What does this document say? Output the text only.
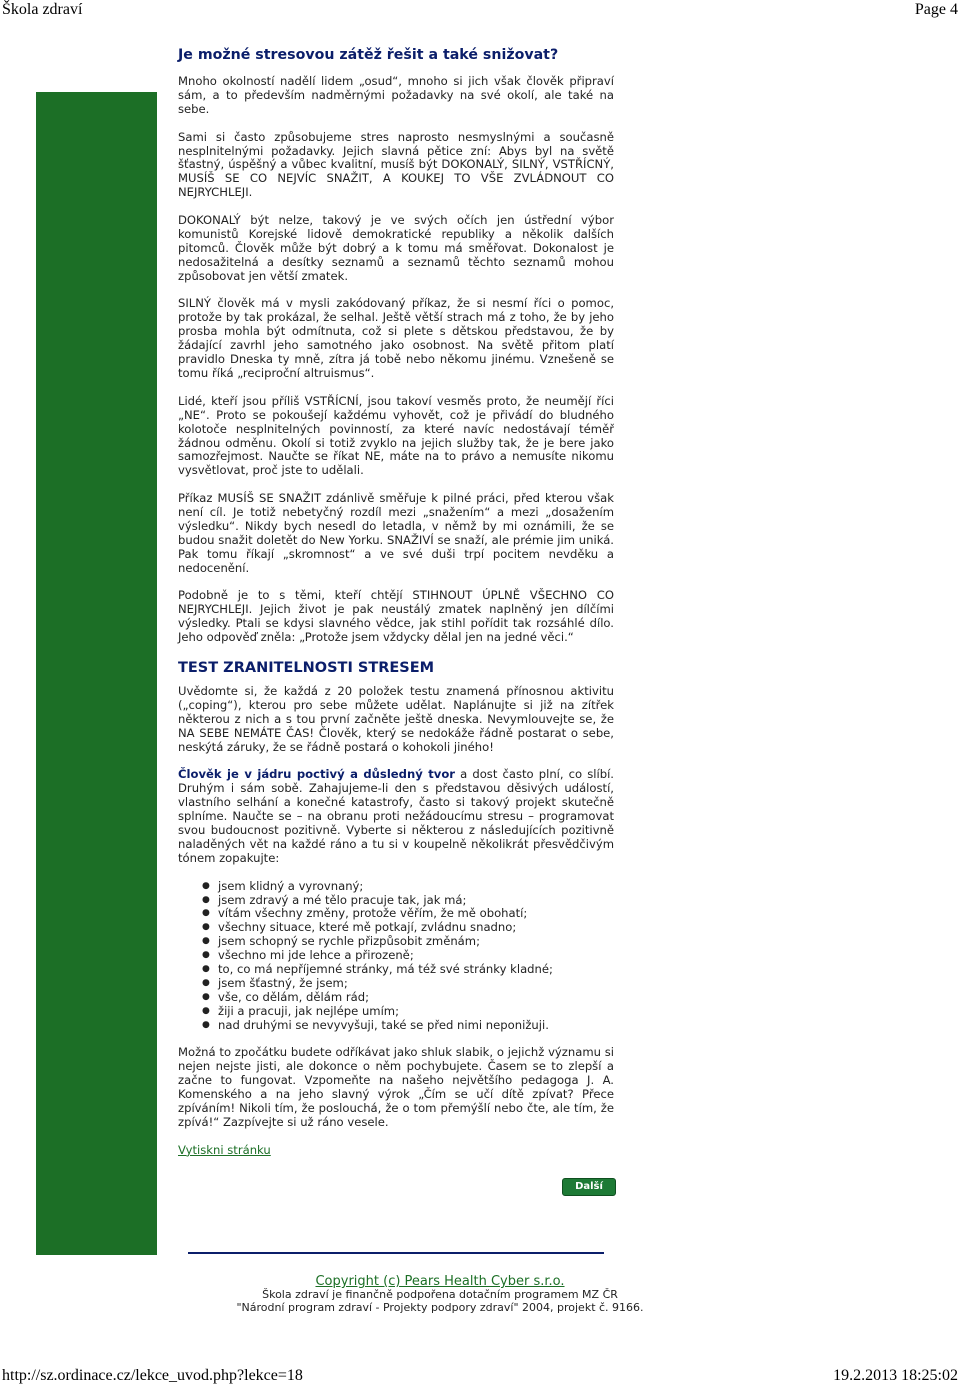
Škola zdraví	Page 4
Je možné stresovou zátěž řešit a také snižovat?

Mnoho okolností nadělí lidem „osud“, mnoho si jich však člověk připraví sám, a to především nadměrnými požadavky na své okolí, ale také na sebe.

Sami si často způsobujeme stres naprosto nesmyslnými a současně nesplnitelnými požadavky. Jejich slavná pětice zní: Abys byl na světě šťastný, úspěšný a vůbec kvalitní, musíš být DOKONALÝ, SILNÝ, VSTŘÍCNÝ, MUSÍŠ SE CO NEJVÍC SNAŽIT, A KOUKEJ TO VŠE ZVLÁDNOUT CO NEJRYCHLEJI.

DOKONALÝ být nelze, takový je ve svých očích jen ústřední výbor komunistů Korejské lidově demokratické republiky a několik dalších pitomců. Člověk může být dobrý a k tomu má směřovat. Dokonalost je nedosažitelná a desítky seznamů a seznamů těchto seznamů mohou způsobovat jen větší zmatek.

SILNÝ člověk má v mysli zakódovaný příkaz, že si nesmí říci o pomoc, protože by tak prokázal, že selhal. Ještě větší strach má z toho, že by jeho prosba mohla být odmítnuta, což si plete s dětskou představou, že by žádající zavrhl jeho samotného jako osobnost. Na světě přitom platí pravidlo Dneska ty mně, zítra já tobě nebo někomu jinému. Vznešeně se tomu říká „reciproční altruismus“.

Lidé, kteří jsou příliš VSTŘÍCNÍ, jsou takoví vesměs proto, že neumějí říci „NE“. Proto se pokoušejí každému vyhovět, což je přivádí do bludného kolotoče nesplnitelných povinností, za které navíc nedostávají téměř žádnou odměnu. Okolí si totiž zvyklo na jejich služby tak, že je bere jako samozřejmost. Naučte se říkat NE, máte na to právo a nemusíte nikomu vysvětlovat, proč jste to udělali.

Příkaz MUSÍŠ SE SNAŽIT zdánlivě směřuje k pilné práci, před kterou však není cíl. Je totiž nebetyčný rozdíl mezi „snažením“ a mezi „dosažením výsledku“. Nikdy bych nesedl do letadla, v němž by mi oznámili, že se budou snažit doletět do New Yorku. SNAŽIVÍ se snaží, ale prémie jim uniká. Pak tomu říkají „skromnost“ a ve své duši trpí pocitem nevděku a nedocenění.

Podobně je to s těmi, kteří chtějí STIHNOUT ÚPLNĚ VŠECHNO CO NEJRYCHLEJI. Jejich život je pak neustálý zmatek naplněný jen dílčími výsledky. Ptali se kdysi slavného vědce, jak stihl pořídit tak rozsáhlé dílo. Jeho odpověď zněla: „Protože jsem vždycky dělal jen na jedné věci.“

TEST ZRANITELNOSTI STRESEM

Uvědomte si, že každá z 20 položek testu znamená přínosnou aktivitu („coping“), kterou pro sebe můžete udělat. Naplánujte si již na zítřek některou z nich a s tou první začněte ještě dneska. Nevymlouvejte se, že NA SEBE NEMÁTE ČAS! Člověk, který se nedokáže řádně postarat o sebe, neskýtá záruky, že se řádně postará o kohokoli jiného!

Člověk je v jádru poctivý a důsledný tvor a dost často plní, co slíbí. Druhým i sám sobě. Zahajujeme-li den s představou děsivých událostí, vlastního selhání a konečné katastrofy, často si takový projekt skutečně splníme. Naučte se – na obranu proti nežádoucímu stresu – programovat svou budoucnost pozitivně. Vyberte si některou z následujících pozitivně naladěných vět na každé ráno a tu si v koupelně několikrát přesvědčivým tónem zopakujte:

● jsem klidný a vyrovnaný;
● jsem zdravý a mé tělo pracuje tak, jak má;
● vítám všechny změny, protože věřím, že mě obohatí;
● všechny situace, které mě potkají, zvládnu snadno;
● jsem schopný se rychle přizpůsobit změnám;
● všechno mi jde lehce a přirozeně;
● to, co má nepříjemné stránky, má též své stránky kladné;
● jsem šťastný, že jsem;
● vše, co dělám, dělám rád;
● žiji a pracuji, jak nejlépe umím;
● nad druhými se nevyvyšuji, také se před nimi neponižuji.

Možná to zpočátku budete odříkávat jako shluk slabik, o jejichž významu si nejen nejste jisti, ale dokonce o něm pochybujete. Časem se to zlepší a začne to fungovat. Vzpomeňte na našeho největšího pedagoga J. A. Komenského a na jeho slavný výrok „Čím se učí dítě zpívat? Přece zpíváním! Nikoli tím, že poslouchá, že o tom přemýšlí nebo čte, ale tím, že zpívá!“ Zazpívejte si už ráno vesele.

Vytiskni stránku

Další
Copyright (c) Pears Health Cyber s.r.o.
Škola zdraví je finančně podpořena dotačním programem MZ ČR
"Národní program zdraví - Projekty podpory zdraví" 2004, projekt č. 9166.
http://sz.ordinace.cz/lekce_uvod.php?lekce=18	19.2.2013 18:25:02
